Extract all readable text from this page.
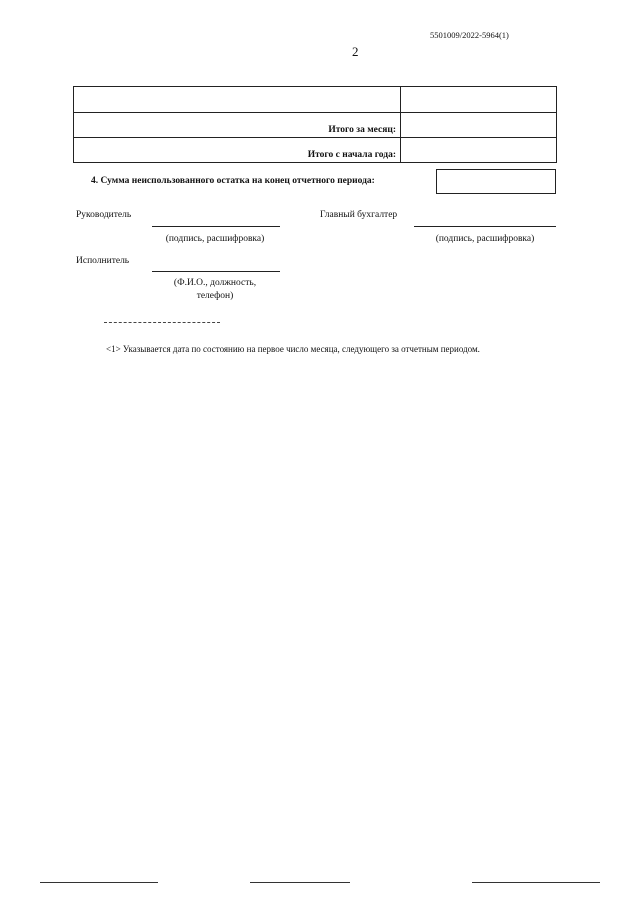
5501009/2022-5964(1)
2

Итого за месяц:	
Итого с начала года:	
4. Сумма неиспользованного остатка на конец отчетного периода:
Руководитель
(подпись, расшифровка)
Главный бухгалтер
(подпись, расшифровка)
Исполнитель
(Ф.И.О., должность,
телефон)
<1> Указывается дата по состоянию на первое число месяца, следующего за отчетным периодом.
